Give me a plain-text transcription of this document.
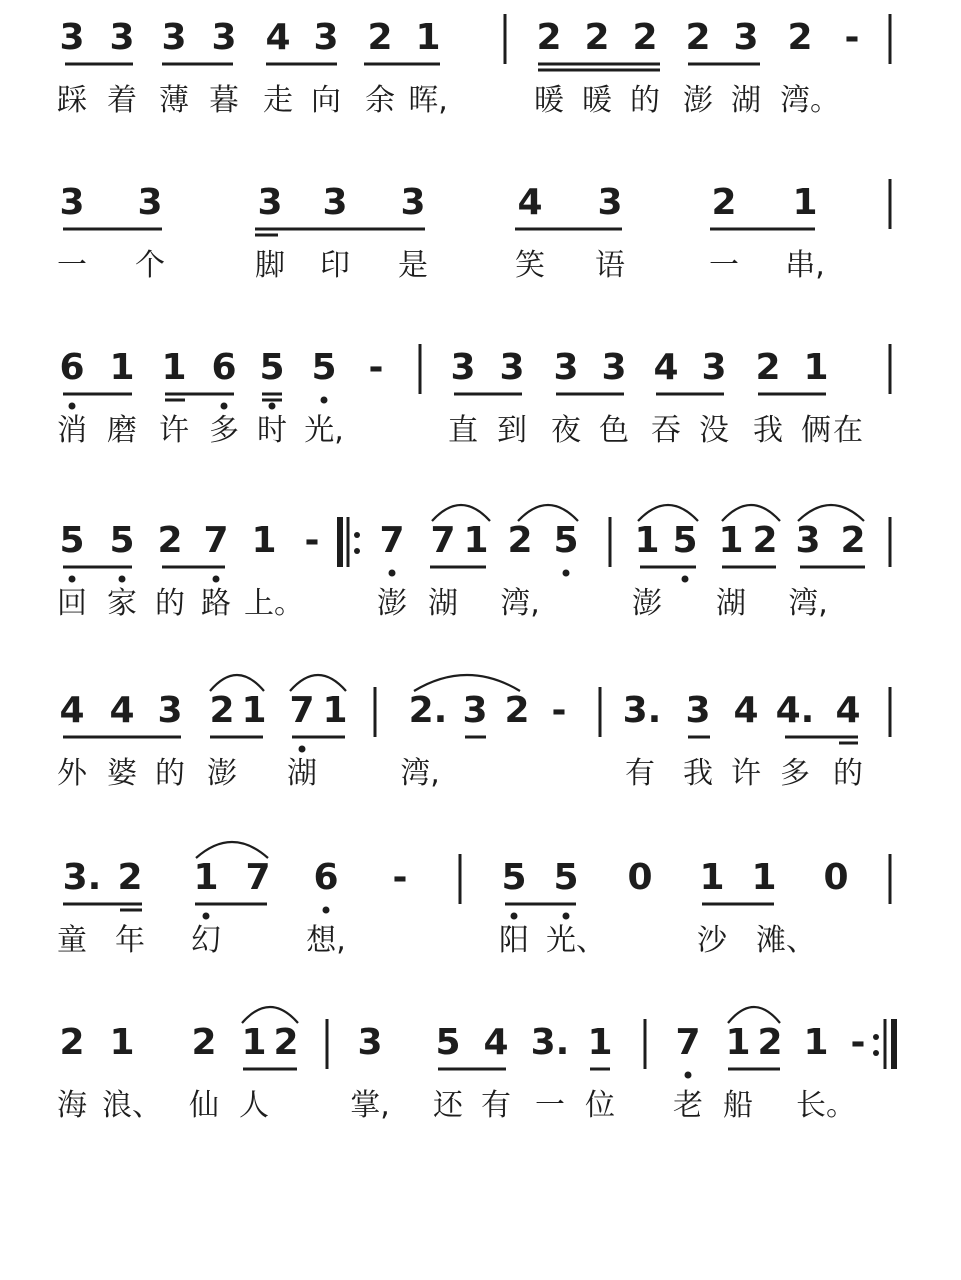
3 3 3 3 4 3 2 1	2 2 2 2 3 2 -
踩 着 薄 暮 走 向 余 晖,	暖 暖 的 澎 湖 湾。
3 3	3 3 3	4 3 2 1
一 个	脚 印 是	笑 语	一 串,
6 1 1 6 5 5 -	3 3 3 3 4 3 2 1
消 磨 许 多 时 光,	直 到 夜 色 吞 没 我 俩 在
5 5 2 7 1 -	7 7 1 2 5 1 5 1 2 3 2
回 家 的 路 上。 澎 湖 湾,	澎 湖 湾,
4 4 3 2 1 7 1 2. 3 2 -	3. 3 4 4. 4
外 婆 的 澎 湖	湾,	有 我 许 多 的
3. 2 1 7 6	-	5 5 0 1 1 0
童 年 幻	想,	阳 光、	沙 滩、
2 1 2 1 2 3 5 4 3. 1 7 1 2 1 -
海 浪、 仙 人	掌, 还 有 一 位 老 船 长。
